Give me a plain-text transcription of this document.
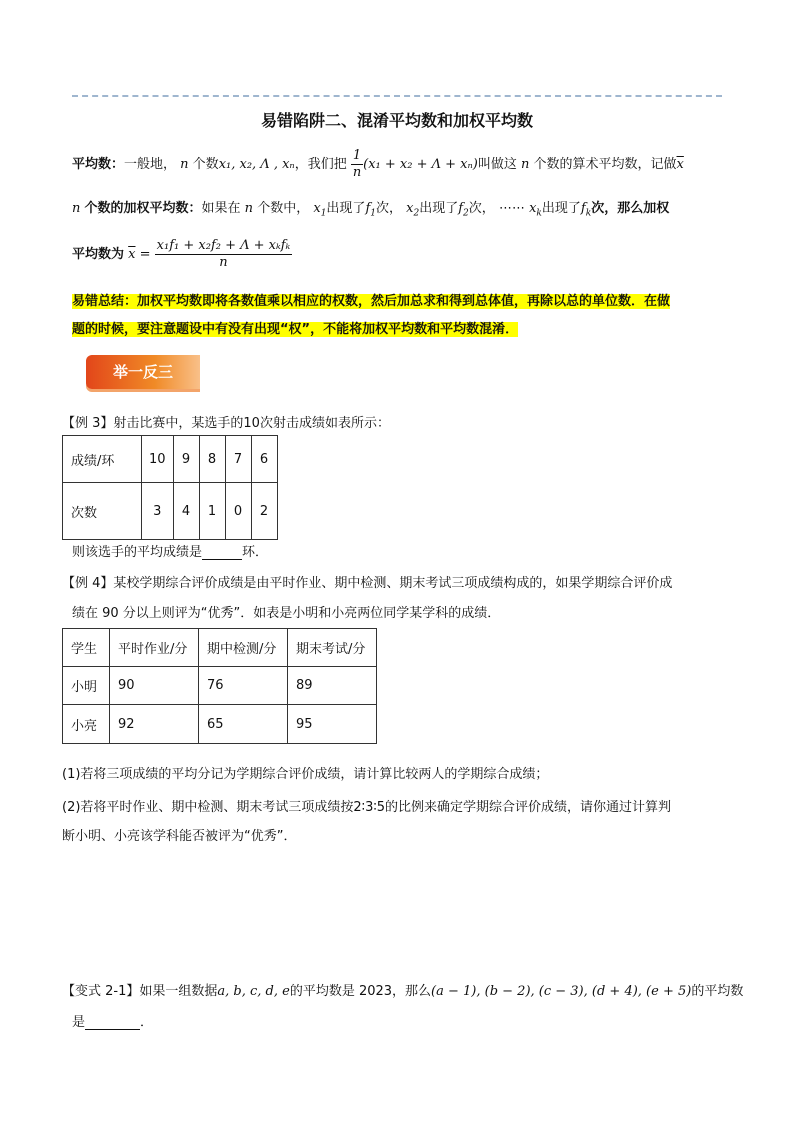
易错陷阱二、混淆平均数和加权平均数
平均数：一般地， n 个数x₁, x₂, Λ , xₙ，我们把 $\frac{1}{n} (x_1 + x_2 + \Lambda + x_n)$叫做这 n 个数的算术平均数，记做$\overline{x}$
n 个数的加权平均数：如果在 n 个数中， $x_1$出现了$f_1$次， $x_2$出现了$f_2$次， ⋯⋯ $x_k$出现了$f_k$次，那么加权
平均数为 $\overline{x} = \frac{\text{x₁f₁ + x₂f₂ + Λ + xₖfₖ}}{n}$
易错总结：加权平均数即将各数值乘以相应的权数，然后加总求和得到总体值，再除以总的单位数．在做
题的时候，要注意题设中有没有出现“权”，不能将加权平均数和平均数混淆．
举一反三
【例 3】射击比赛中，某选手的10次射击成绩如表所示：
成绩/环	10	9	8	7	6
次数	3	4	1	0	2
则该选手的平均成绩是	环．
【例 4】某校学期综合评价成绩是由平时作业、期中检测、期末考试三项成绩构成的，如果学期综合评价成
绩在 90 分以上则评为“优秀”．如表是小明和小亮两位同学某学科的成绩．
学生	平时作业/分	期中检测/分	期末考试/分
小明	90	76	89
小亮	92	65	95
(1)若将三项成绩的平均分记为学期综合评价成绩，请计算比较两人的学期综合成绩；
(2)若将平时作业、期中检测、期末考试三项成绩按2∶3∶5的比例来确定学期综合评价成绩，请你通过计算判
断小明、小亮该学科能否被评为“优秀”．
【变式 2-1】如果一组数据a, b, c, d, e的平均数是 2023，那么(a − 1), (b − 2), (c − 3), (d + 4), (e + 5)的平均数
是	．
